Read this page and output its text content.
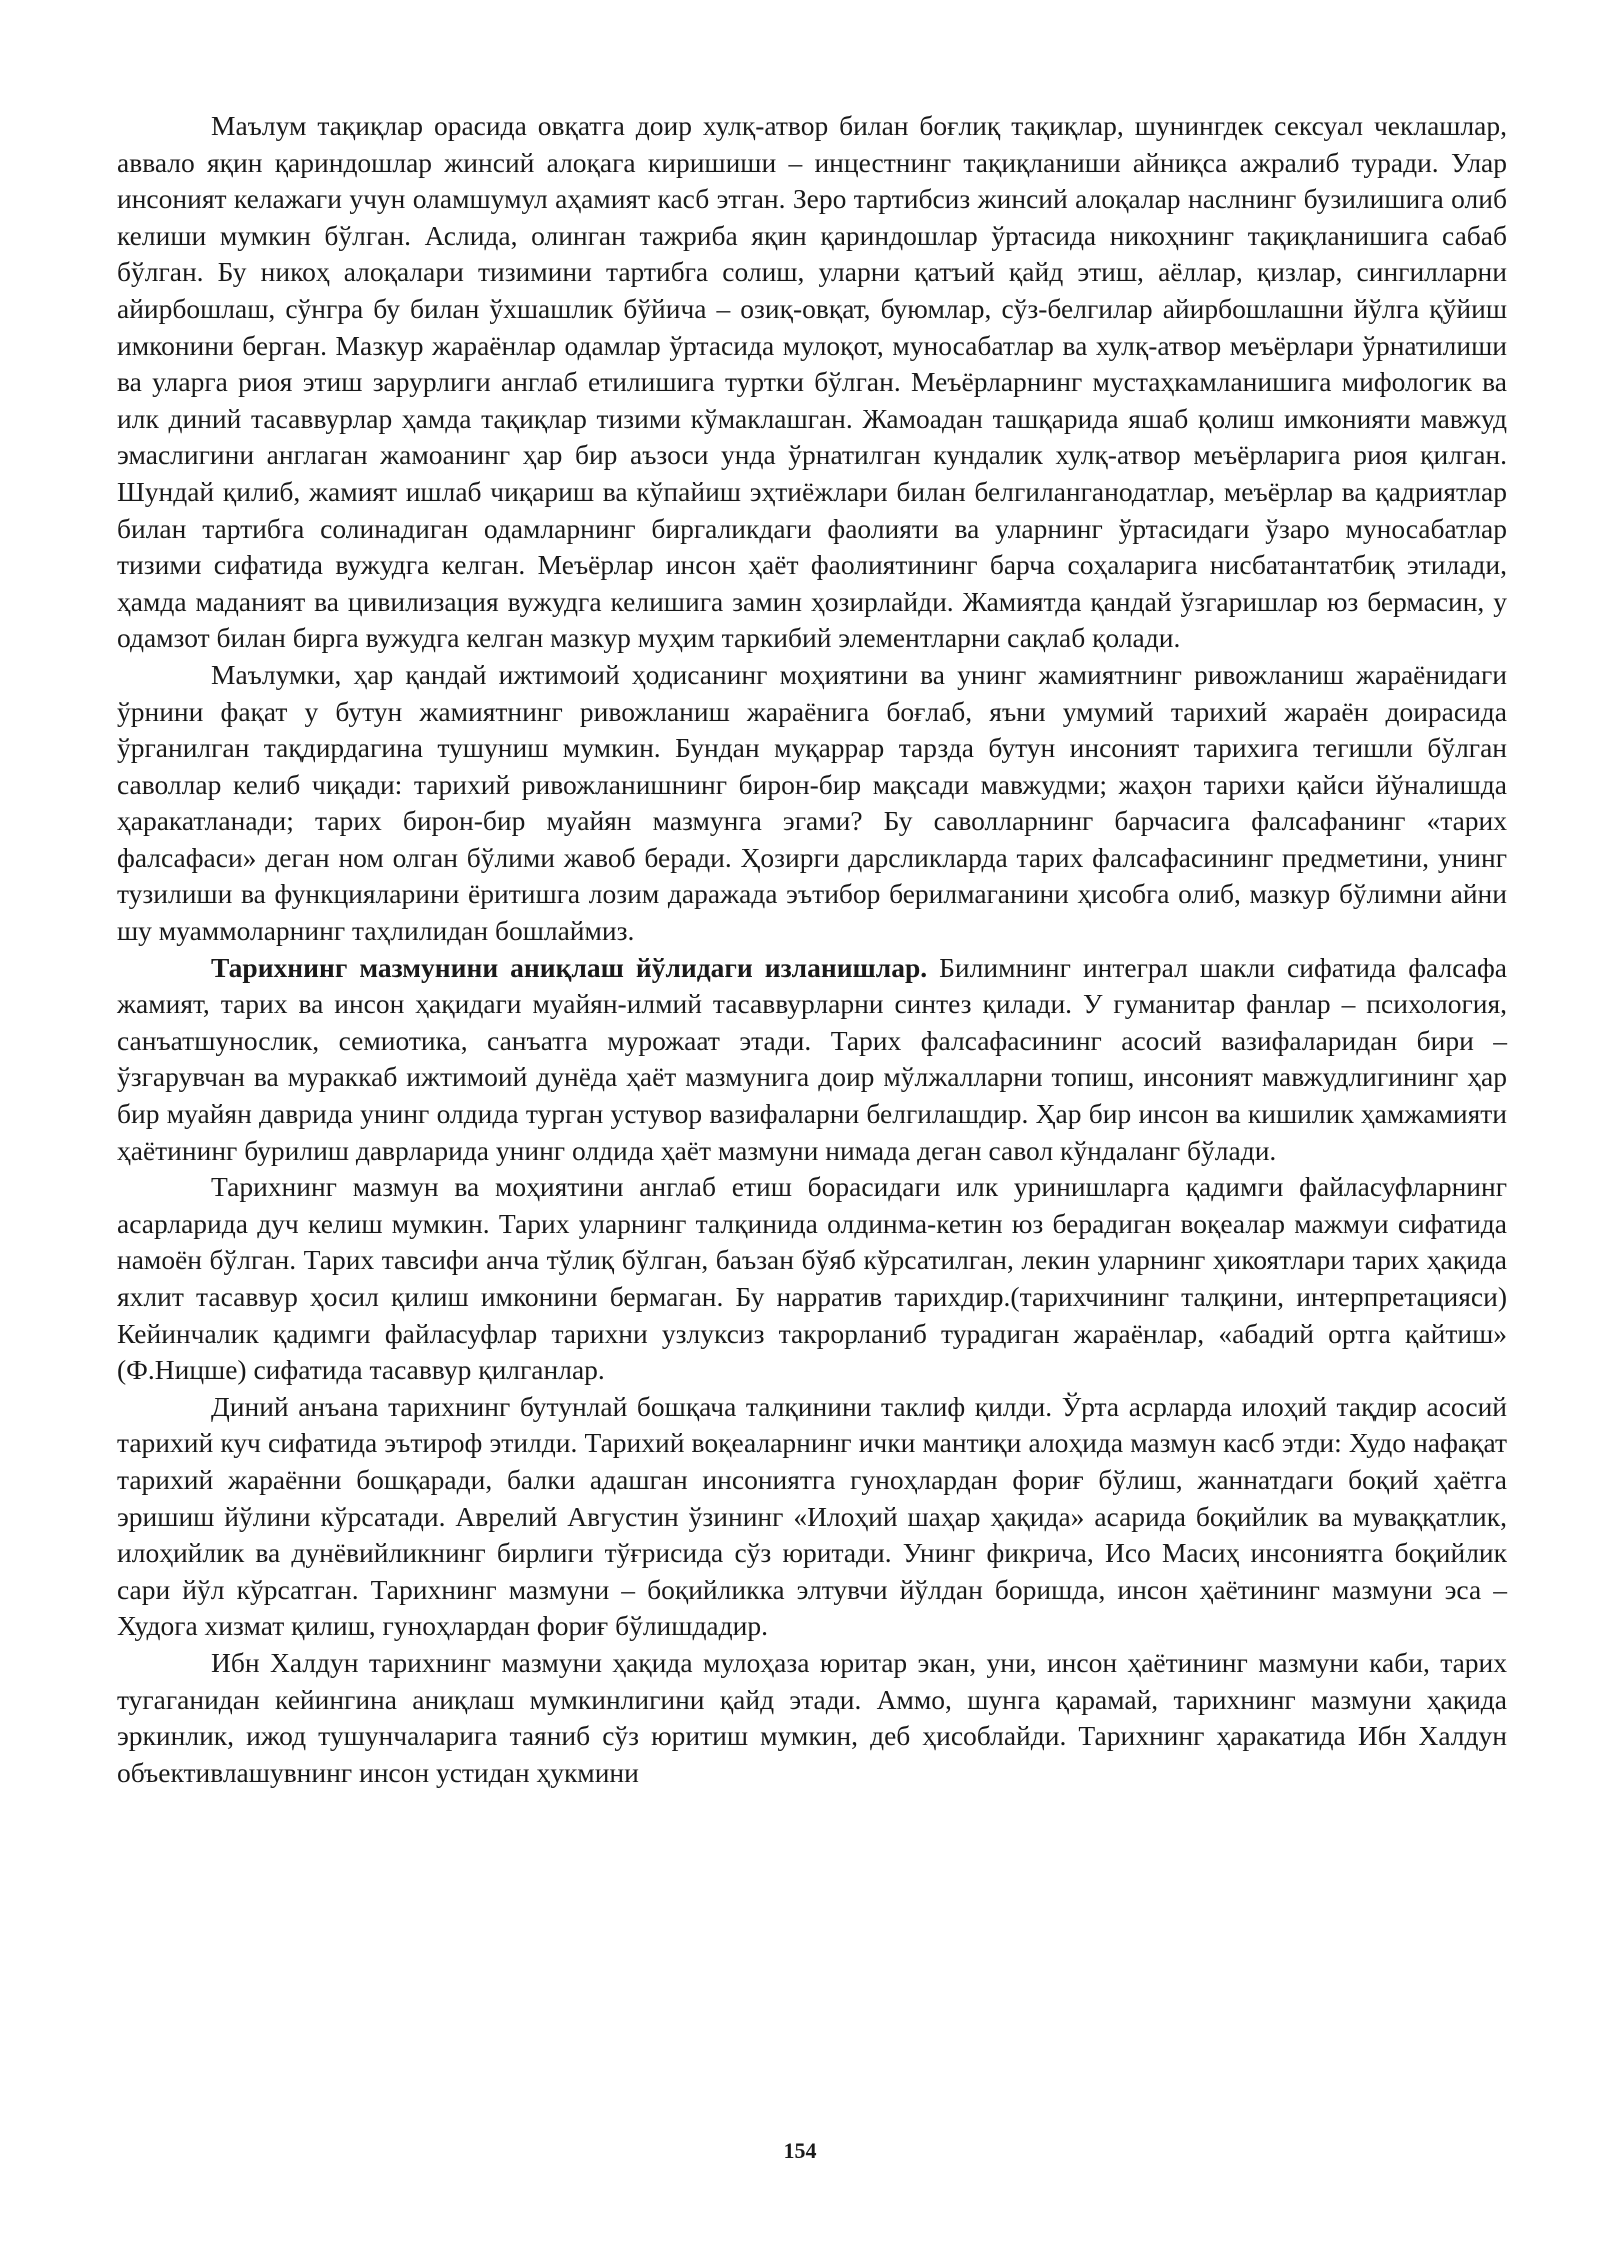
Маълум тақиқлар орасида овқатга доир хулқ-атвор билан боғлиқ тақиқлар, шунингдек сексуал чеклашлар, аввало яқин қариндошлар жинсий алоқага киришиши – инцестнинг тақиқланиши айниқса ажралиб туради. Улар инсоният келажаги учун оламшумул аҳамият касб этган. Зеро тартибсиз жинсий алоқалар наслнинг бузилишига олиб келиши мумкин бўлган. Аслида, олинган тажриба яқин қариндошлар ўртасида никоҳнинг тақиқланишига сабаб бўлган. Бу никоҳ алоқалари тизимини тартибга солиш, уларни қатъий қайд этиш, аёллар, қизлар, сингилларни айирбошлаш, сўнгра бу билан ўхшашлик бўйича – озиқ-овқат, буюмлар, сўз-белгилар айирбошлашни йўлга қўйиш имконини берган. Мазкур жараёнлар одамлар ўртасида мулоқот, муносабатлар ва хулқ-атвор меъёрлари ўрнатилиши ва уларга риоя этиш зарурлиги англаб етилишига туртки бўлган. Меъёрларнинг мустаҳкамланишига мифологик ва илк диний тасаввурлар ҳамда тақиқлар тизими кўмаклашган. Жамоадан ташқарида яшаб қолиш имконияти мавжуд эмаслигини англаган жамоанинг ҳар бир аъзоси унда ўрнатилган кундалик хулқ-атвор меъёрларига риоя қилган. Шундай қилиб, жамият ишлаб чиқариш ва кўпайиш эҳтиёжлари билан белгиланганодатлар, меъёрлар ва қадриятлар билан тартибга солинадиган одамларнинг биргаликдаги фаолияти ва уларнинг ўртасидаги ўзаро муносабатлар тизими сифатида вужудга келган. Меъёрлар инсон ҳаёт фаолиятининг барча соҳаларига нисбатантатбиқ этилади, ҳамда маданият ва цивилизация вужудга келишига замин ҳозирлайди. Жамиятда қандай ўзгаришлар юз бермасин, у одамзот билан бирга вужудга келган мазкур муҳим таркибий элементларни сақлаб қолади.

Маълумки, ҳар қандай ижтимоий ҳодисанинг моҳиятини ва унинг жамиятнинг ривожланиш жараёнидаги ўрнини фақат у бутун жамиятнинг ривожланиш жараёнига боғлаб, яъни умумий тарихий жараён доирасида ўрганилган тақдирдагина тушуниш мумкин. Бундан муқаррар тарзда бутун инсоният тарихига тегишли бўлган саволлар келиб чиқади: тарихий ривожланишнинг бирон-бир мақсади мавжудми; жаҳон тарихи қайси йўналишда ҳаракатланади; тарих бирон-бир муайян мазмунга эгами? Бу саволларнинг барчасига фалсафанинг «тарих фалсафаси» деган ном олган бўлими жавоб беради. Ҳозирги дарсликларда тарих фалсафасининг предметини, унинг тузилиши ва функцияларини ёритишга лозим даражада эътибор берилмаганини ҳисобга олиб, мазкур бўлимни айни шу муаммоларнинг таҳлилидан бошлаймиз.

Тарихнинг мазмунини аниқлаш йўлидаги изланишлар. Билимнинг интеграл шакли сифатида фалсафа жамият, тарих ва инсон ҳақидаги муайян-илмий тасаввурларни синтез қилади. У гуманитар фанлар – психология, санъатшунослик, семиотика, санъатга мурожаат этади. Тарих фалсафасининг асосий вазифаларидан бири – ўзгарувчан ва мураккаб ижтимоий дунёда ҳаёт мазмунига доир мўлжалларни топиш, инсоният мавжудлигининг ҳар бир муайян даврида унинг олдида турган устувор вазифаларни белгилашдир. Ҳар бир инсон ва кишилик ҳамжамияти ҳаётининг бурилиш даврларида унинг олдида ҳаёт мазмуни нимада деган савол кўндаланг бўлади.

Тарихнинг мазмун ва моҳиятини англаб етиш борасидаги илк уринишларга қадимги файласуфларнинг асарларида дуч келиш мумкин. Тарих уларнинг талқинида олдинма-кетин юз берадиган воқеалар мажмуи сифатида намоён бўлган. Тарих тавсифи анча тўлиқ бўлган, баъзан бўяб кўрсатилган, лекин уларнинг ҳикоятлари тарих ҳақида яхлит тасаввур ҳосил қилиш имконини бермаган. Бу нарратив тарихдир.(тарихчининг талқини, интерпретацияси) Кейинчалик қадимги файласуфлар тарихни узлуксиз такрорланиб турадиган жараёнлар, «абадий ортга қайтиш» (Ф.Ницше) сифатида тасаввур қилганлар.

Диний анъана тарихнинг бутунлай бошқача талқинини таклиф қилди. Ўрта асрларда илоҳий тақдир асосий тарихий куч сифатида эътироф этилди. Тарихий воқеаларнинг ички мантиқи алоҳида мазмун касб этди: Худо нафақат тарихий жараённи бошқаради, балки адашган инсониятга гуноҳлардан фориғ бўлиш, жаннатдаги боқий ҳаётга эришиш йўлини кўрсатади. Аврелий Августин ўзининг «Илоҳий шаҳар ҳақида» асарида боқийлик ва муваққатлик, илоҳийлик ва дунёвийликнинг бирлиги тўғрисида сўз юритади. Унинг фикрича, Исо Масиҳ инсониятга боқийлик сари йўл кўрсатган. Тарихнинг мазмуни – боқийликка элтувчи йўлдан боришда, инсон ҳаётининг мазмуни эса – Худога хизмат қилиш, гуноҳлардан фориғ бўлишдадир.

Ибн Халдун тарихнинг мазмуни ҳақида мулоҳаза юритар экан, уни, инсон ҳаётининг мазмуни каби, тарих тугаганидан кейингина аниқлаш мумкинлигини қайд этади. Аммо, шунга қарамай, тарихнинг мазмуни ҳақида эркинлик, ижод тушунчаларига таяниб сўз юритиш мумкин, деб ҳисоблайди. Тарихнинг ҳаракатида Ибн Халдун объективлашувнинг инсон устидан ҳукмини

154
